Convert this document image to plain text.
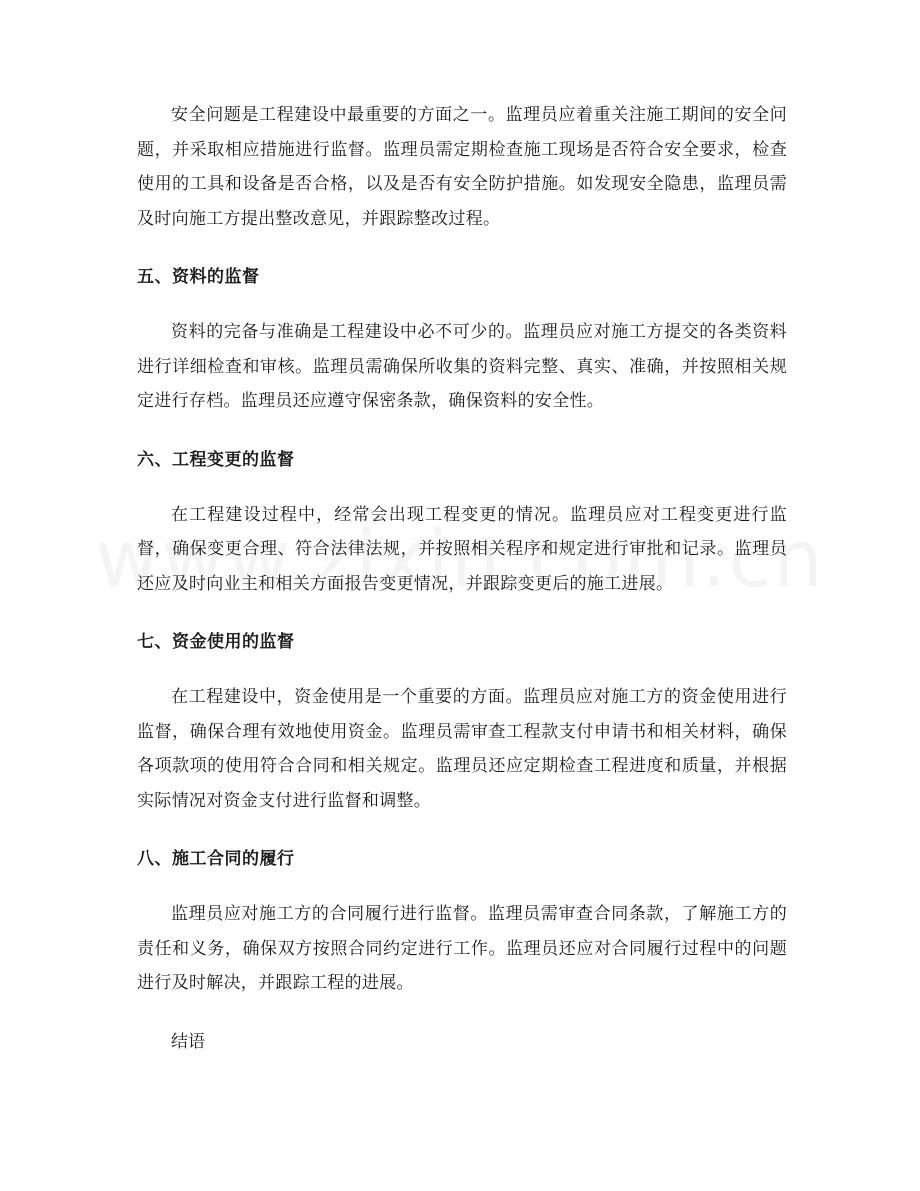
安全问题是工程建设中最重要的方面之一。监理员应着重关注施工期间的安全问题，并采取相应措施进行监督。监理员需定期检查施工现场是否符合安全要求，检查使用的工具和设备是否合格，以及是否有安全防护措施。如发现安全隐患，监理员需及时向施工方提出整改意见，并跟踪整改过程。

五、资料的监督

资料的完备与准确是工程建设中必不可少的。监理员应对施工方提交的各类资料进行详细检查和审核。监理员需确保所收集的资料完整、真实、准确，并按照相关规定进行存档。监理员还应遵守保密条款，确保资料的安全性。

六、工程变更的监督

在工程建设过程中，经常会出现工程变更的情况。监理员应对工程变更进行监督，确保变更合理、符合法律法规，并按照相关程序和规定进行审批和记录。监理员还应及时向业主和相关方面报告变更情况，并跟踪变更后的施工进展。

七、资金使用的监督

在工程建设中，资金使用是一个重要的方面。监理员应对施工方的资金使用进行监督，确保合理有效地使用资金。监理员需审查工程款支付申请书和相关材料，确保各项款项的使用符合合同和相关规定。监理员还应定期检查工程进度和质量，并根据实际情况对资金支付进行监督和调整。

八、施工合同的履行

监理员应对施工方的合同履行进行监督。监理员需审查合同条款，了解施工方的责任和义务，确保双方按照合同约定进行工作。监理员还应对合同履行过程中的问题进行及时解决，并跟踪工程的进展。

结语
